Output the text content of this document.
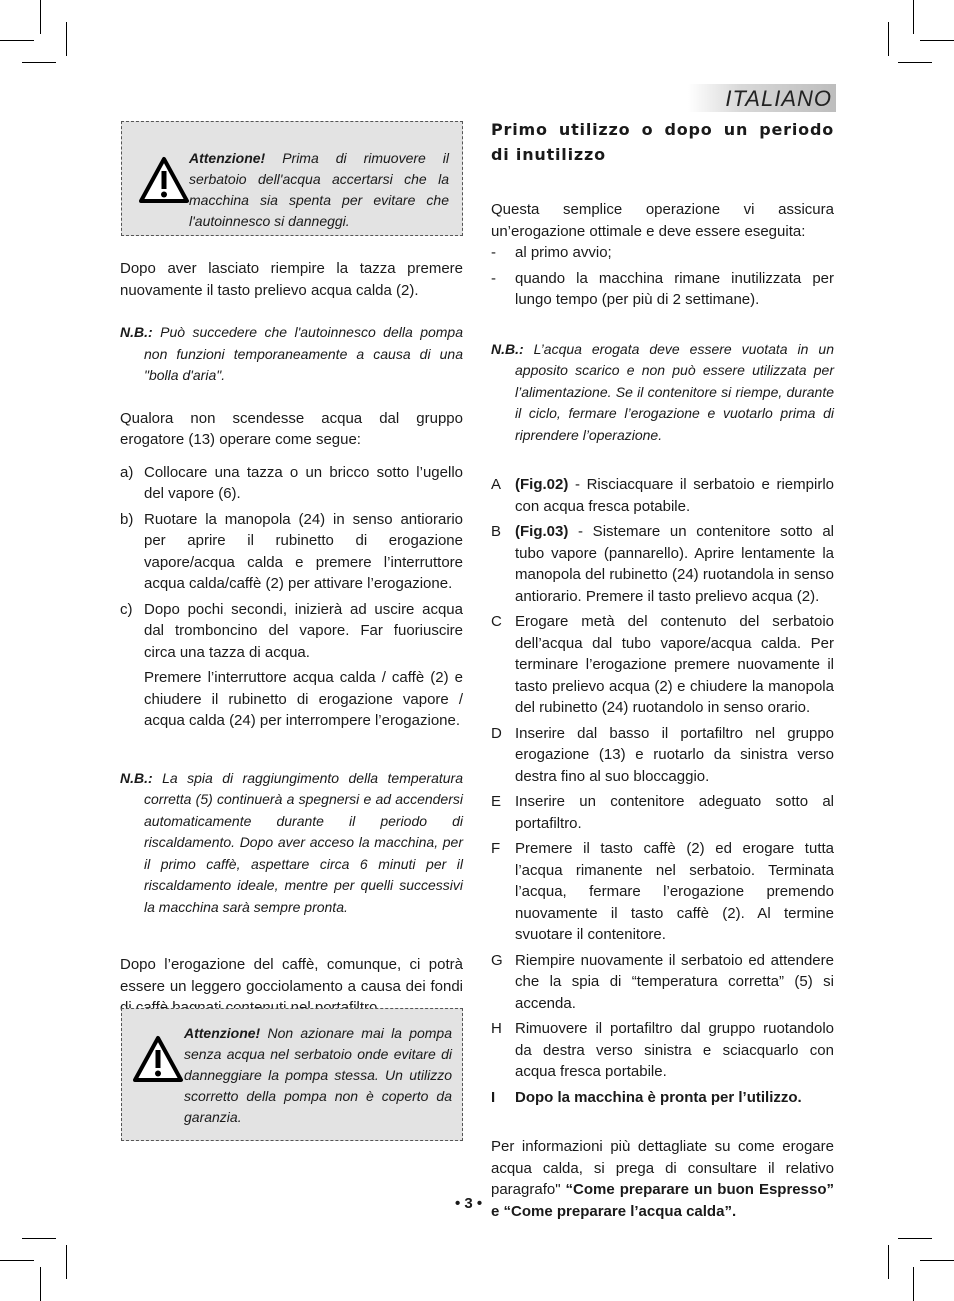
ITALIANO
Attenzione! Prima di rimuovere il serbatoio dell'acqua accertarsi che la macchina sia spenta per evitare che l'autoinnesco si danneggi.

Dopo aver lasciato riempire la tazza premere nuovamente il tasto prelievo acqua calda (2).

N.B.: Può succedere che l'autoinnesco della pompa non funzioni temporaneamente a causa di una "bolla d'aria".

Qualora non scendesse acqua dal gruppo erogatore (13) operare come segue:

a) Collocare una tazza o un bricco sotto l’ugello del vapore (6).
b) Ruotare la manopola (24) in senso antiorario per aprire il rubinetto di erogazione vapore/acqua calda e premere l’interruttore acqua calda/caffè (2) per attivare l’erogazione.
c) Dopo pochi secondi, inizierà ad uscire acqua dal tromboncino del vapore. Far fuoriuscire circa una tazza di acqua.

Premere l’interruttore acqua calda / caffè (2) e chiudere il rubinetto di erogazione vapore / acqua calda (24) per interrompere l’erogazione.

N.B.: La spia di raggiungimento della temperatura corretta (5) continuerà a spegnersi e ad accendersi automaticamente durante il periodo di riscaldamento. Dopo aver acceso la macchina, per il primo caffè, aspettare circa 6 minuti per il riscaldamento ideale, mentre per quelli successivi la macchina sarà sempre pronta.

Dopo l’erogazione del caffè, comunque, ci potrà essere un leggero gocciolamento a causa dei fondi

Attenzione! Non azionare mai la pompa senza acqua nel serbatoio onde evitare di danneggiare la pompa stessa. Un utilizzo scorretto della pompa non è coperto da garanzia.
Primo utilizzo o dopo un periodo di inutilizzo

Questa semplice operazione vi assicura un’erogazione ottimale e deve essere eseguita:

-	al primo avvio;
-	quando la macchina rimane inutilizzata per lungo tempo (per più di 2 settimane).

N.B.: L’acqua erogata deve essere vuotata in un apposito scarico e non può essere utilizzata per l’alimentazione. Se il contenitore si riempe, durante il ciclo, fermare l’erogazione e vuotarlo prima di riprendere l’operazione.

A (Fig.02) - Risciacquare il serbatoio e riempirlo con acqua fresca potabile.
B (Fig.03) - Sistemare un contenitore sotto al tubo vapore (pannarello). Aprire lentamente la manopola del rubinetto (24) ruotandola in senso antiorario. Premere il tasto prelievo acqua (2).
C Erogare metà del contenuto del serbatoio dell’acqua dal tubo vapore/acqua calda. Per terminare l’erogazione premere nuovamente il tasto prelievo acqua (2) e chiudere la manopola del rubinetto (24) ruotandolo in senso orario.
D Inserire dal basso il portafiltro nel gruppo erogazione (13) e ruotarlo da sinistra verso destra fino al suo bloccaggio.
E Inserire un contenitore adeguato sotto al portafiltro.
F Premere il tasto caffè (2) ed erogare tutta l’acqua rimanente nel serbatoio. Terminata l’acqua, fermare l’erogazione premendo nuovamente il tasto caffè (2). Al termine svuotare il contenitore.
G Riempire nuovamente il serbatoio ed attendere che la spia di “temperatura corretta” (5) si accenda.
H Rimuovere il portafiltro dal gruppo ruotandolo da destra verso sinistra e sciacquarlo con acqua fresca portabile.
I	Dopo la macchina è pronta per l’utilizzo.

Per informazioni più dettagliate su come erogare acqua calda, si prega di consultare il relativo paragrafo" “Come preparare un buon Espresso” e “Come preparare l’acqua calda”.

• 3 •
